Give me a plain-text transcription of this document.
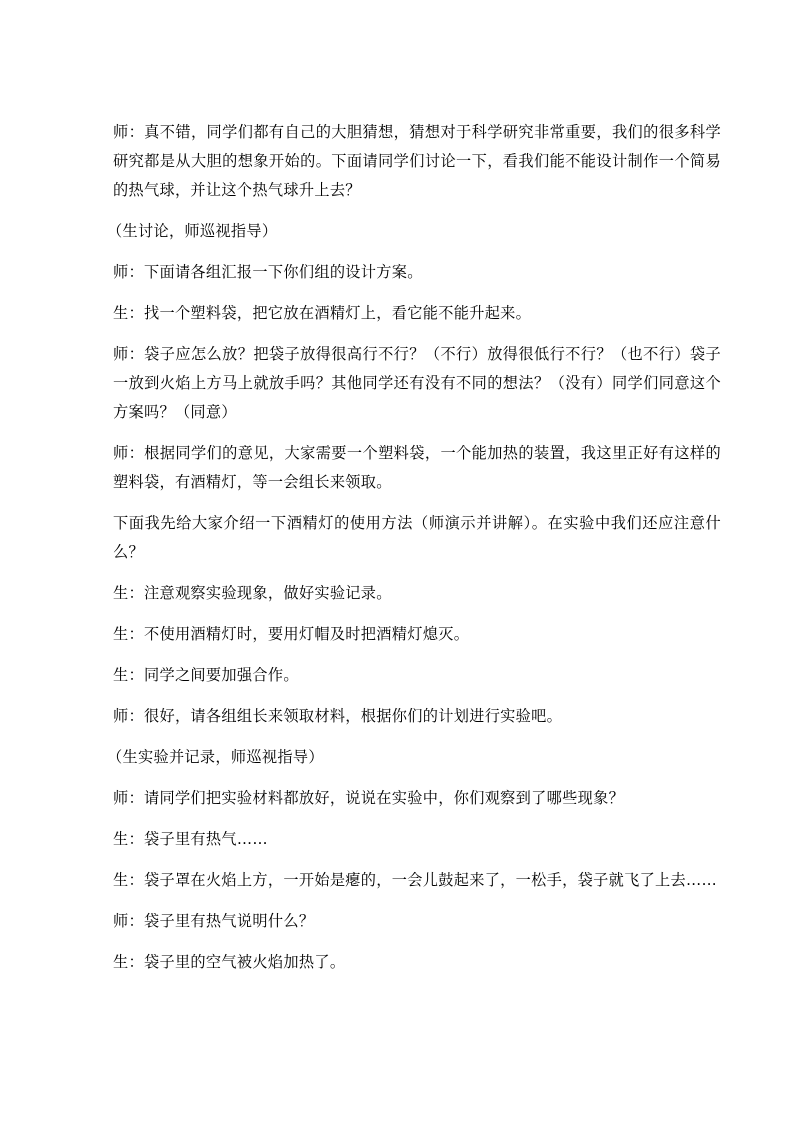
师：真不错，同学们都有自己的大胆猜想，猜想对于科学研究非常重要，我们的很多科学研究都是从大胆的想象开始的。下面请同学们讨论一下，看我们能不能设计制作一个简易的热气球，并让这个热气球升上去？

（生讨论，师巡视指导）

师：下面请各组汇报一下你们组的设计方案。

生：找一个塑料袋，把它放在酒精灯上，看它能不能升起来。

师：袋子应怎么放？把袋子放得很高行不行？（不行）放得很低行不行？（也不行）袋子一放到火焰上方马上就放手吗？其他同学还有没有不同的想法？（没有）同学们同意这个方案吗？（同意）

师：根据同学们的意见，大家需要一个塑料袋，一个能加热的装置，我这里正好有这样的塑料袋，有酒精灯，等一会组长来领取。

下面我先给大家介绍一下酒精灯的使用方法（师演示并讲解）。在实验中我们还应注意什么？

生：注意观察实验现象，做好实验记录。

生：不使用酒精灯时，要用灯帽及时把酒精灯熄灭。

生：同学之间要加强合作。

师：很好，请各组组长来领取材料，根据你们的计划进行实验吧。

（生实验并记录，师巡视指导）

师：请同学们把实验材料都放好，说说在实验中，你们观察到了哪些现象？

生：袋子里有热气……

生：袋子罩在火焰上方，一开始是瘪的，一会儿鼓起来了，一松手，袋子就飞了上去……

师：袋子里有热气说明什么？

生：袋子里的空气被火焰加热了。
